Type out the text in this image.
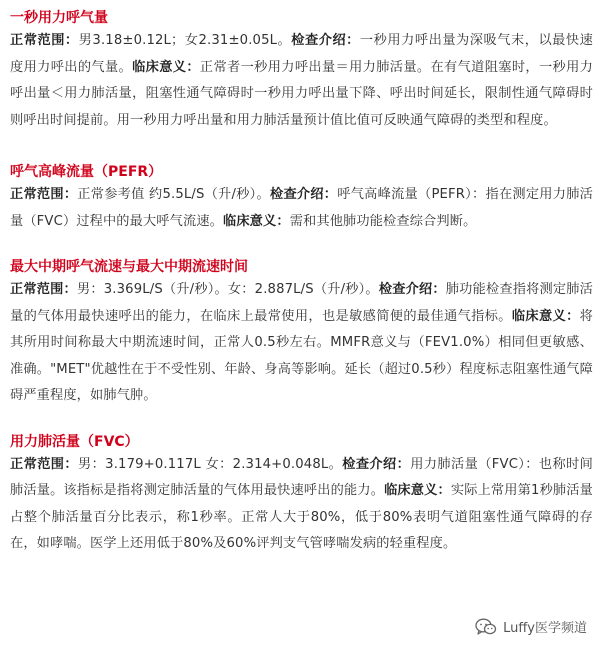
一秒用力呼气量

正常范围：男3.18±0.12L；女2.31±0.05L。检查介绍：一秒用力呼出量为深吸气末，以最快速度用力呼出的气量。临床意义：正常者一秒用力呼出量＝用力肺活量。在有气道阻塞时，一秒用力呼出量＜用力肺活量，阻塞性通气障碍时一秒用力呼出量下降、呼出时间延长，限制性通气障碍时则呼出时间提前。用一秒用力呼出量和用力肺活量预计值比值可反映通气障碍的类型和程度。

呼气高峰流量（PEFR）

正常范围：正常参考值 约5.5L/S（升/秒）。检查介绍：呼气高峰流量（PEFR）：指在测定用力肺活量（FVC）过程中的最大呼气流速。临床意义：需和其他肺功能检查综合判断。

最大中期呼气流速与最大中期流速时间

正常范围：男：3.369L/S（升/秒）。女：2.887L/S（升/秒）。检查介绍：肺功能检查指将测定肺活量的气体用最快速呼出的能力，在临床上最常使用，也是敏感简便的最佳通气指标。临床意义：将其所用时间称最大中期流速时间，正常人0.5秒左右。MMFR意义与（FEV1.0%）相同但更敏感、准确。"MET"优越性在于不受性别、年龄、身高等影响。延长（超过0.5秒）程度标志阻塞性通气障碍严重程度，如肺气肿。

用力肺活量（FVC）

正常范围：男：3.179+0.117L 女：2.314+0.048L。检查介绍：用力肺活量（FVC）：也称时间肺活量。该指标是指将测定肺活量的气体用最快速呼出的能力。临床意义：实际上常用第1秒肺活量占整个肺活量百分比表示，称1秒率。正常人大于80%，低于80%表明气道阻塞性通气障碍的存在，如哮喘。医学上还用低于80%及60%评判支气管哮喘发病的轻重程度。

Luffy医学频道
